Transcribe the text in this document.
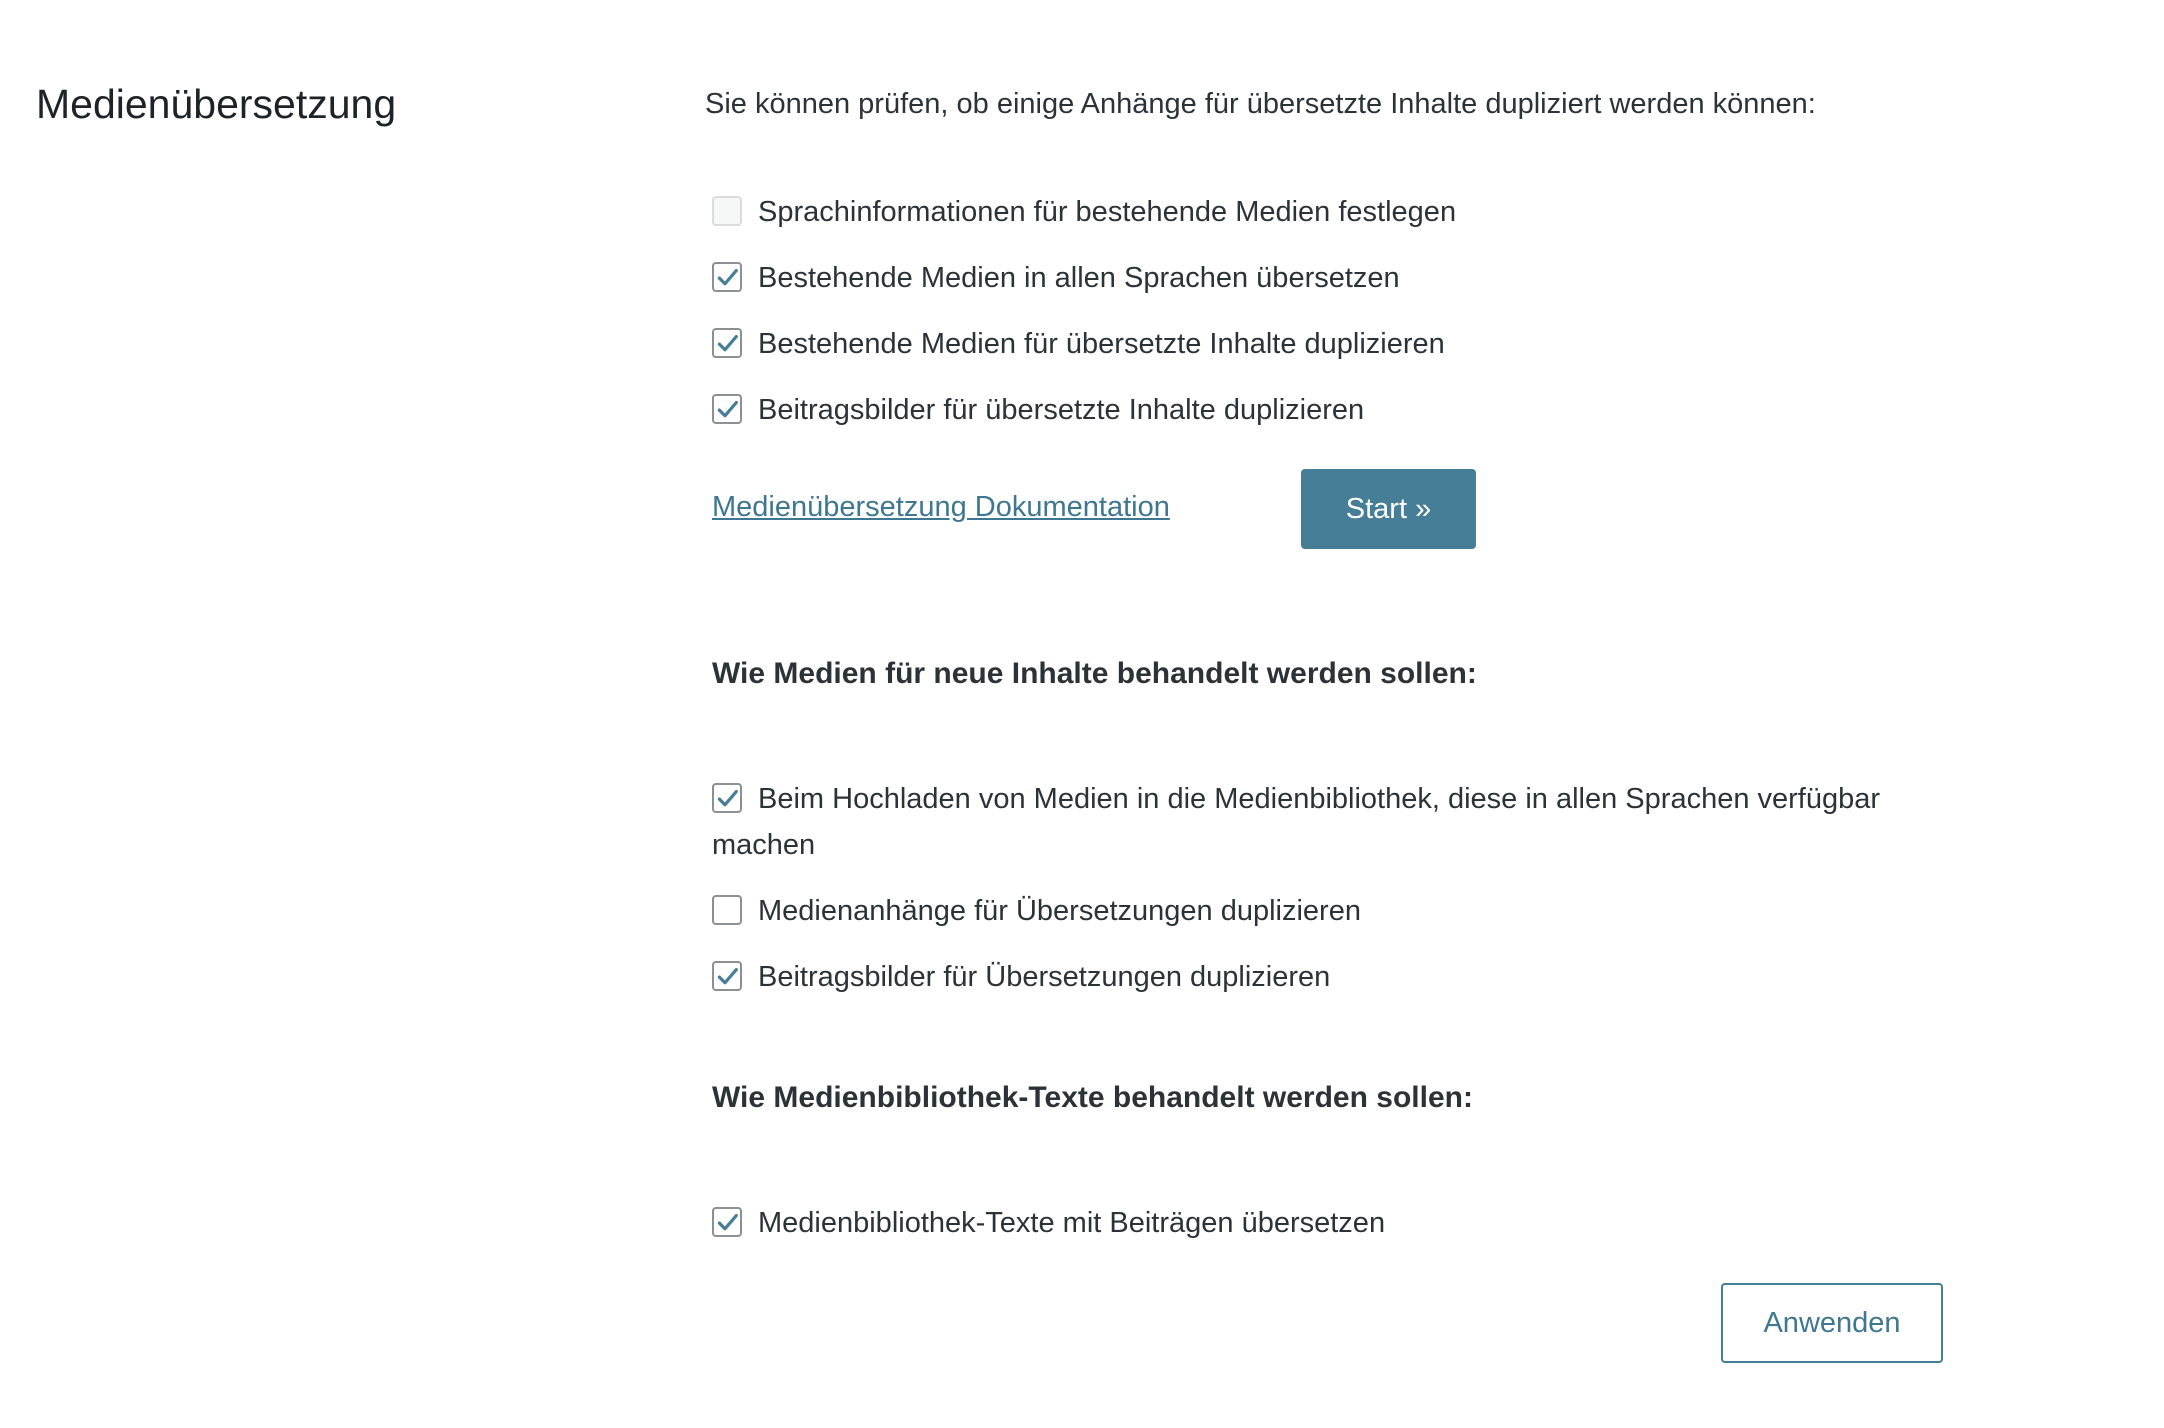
Medienübersetzung	Sie können prüfen, ob einige Anhänge für übersetzte Inhalte dupliziert werden können:
Sprachinformationen für bestehende Medien festlegen
Bestehende Medien in allen Sprachen übersetzen
Bestehende Medien für übersetzte Inhalte duplizieren
Beitragsbilder für übersetzte Inhalte duplizieren
Medienübersetzung Dokumentation	Start »
Wie Medien für neue Inhalte behandelt werden sollen:
Beim Hochladen von Medien in die Medienbibliothek, diese in allen Sprachen verfügbar machen
Medienanhänge für Übersetzungen duplizieren
Beitragsbilder für Übersetzungen duplizieren
Wie Medienbibliothek-Texte behandelt werden sollen:
Medienbibliothek-Texte mit Beiträgen übersetzen
Anwenden
